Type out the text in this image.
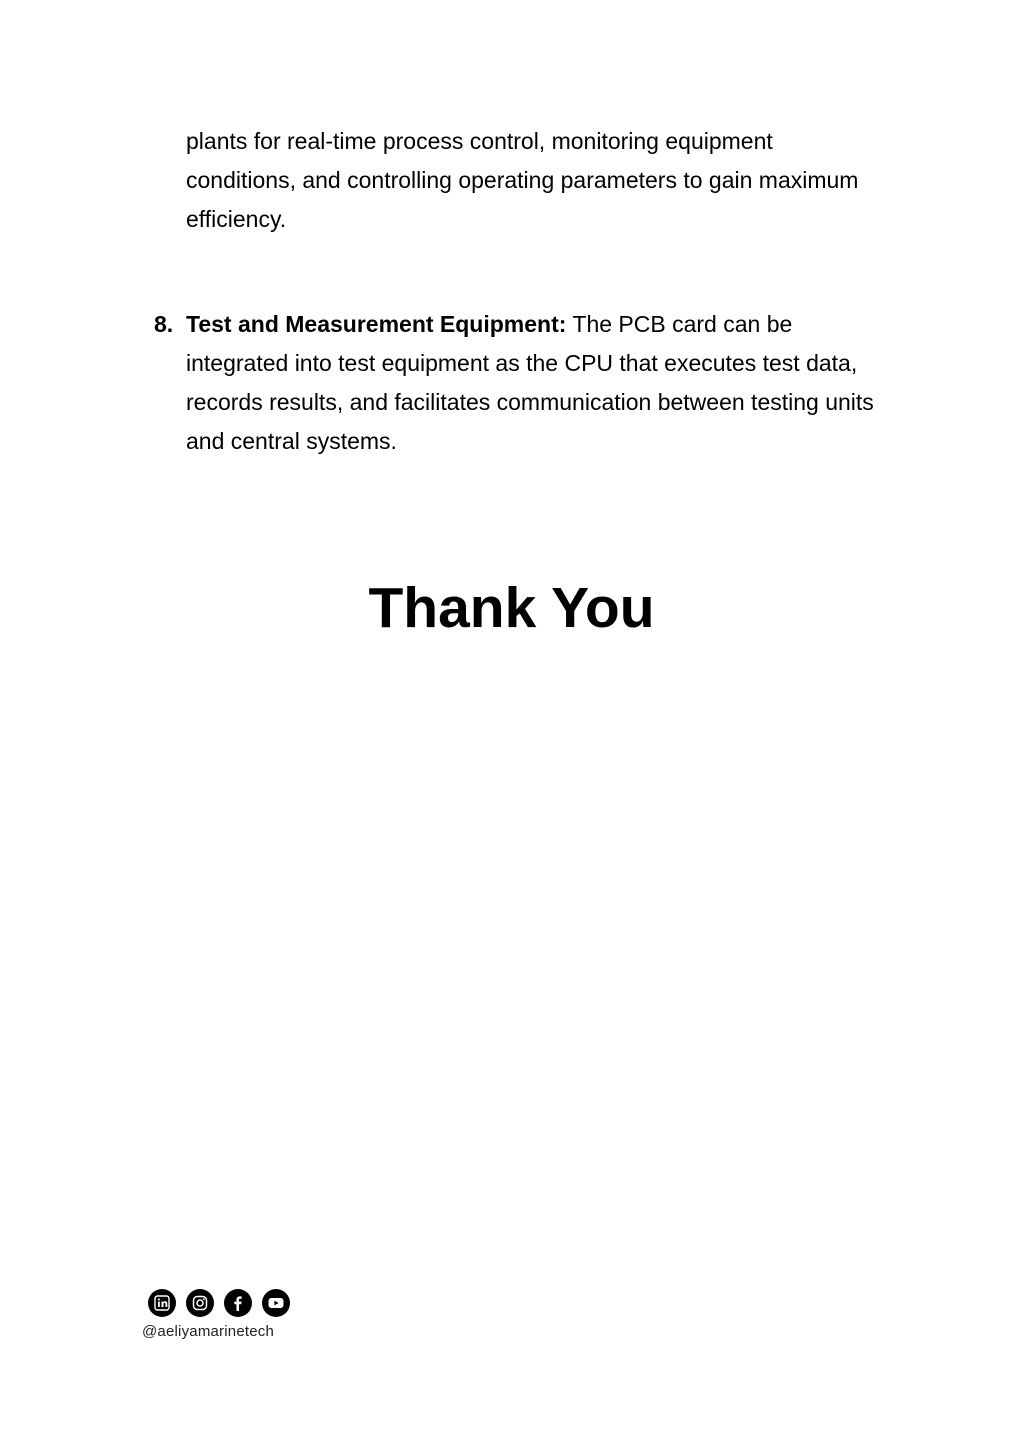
plants for real-time process control, monitoring equipment conditions, and controlling operating parameters to gain maximum efficiency.

8. Test and Measurement Equipment: The PCB card can be integrated into test equipment as the CPU that executes test data, records results, and facilitates communication between testing units and central systems.
Thank You
@aeliyamarinetech
